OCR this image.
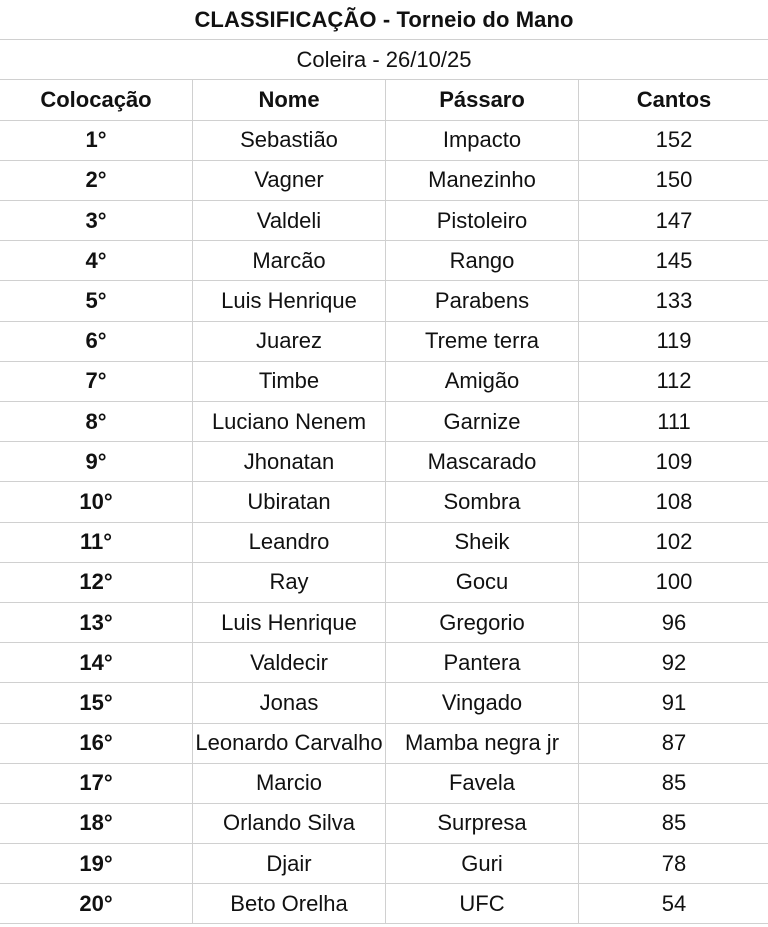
CLASSIFICAÇÃO - Torneio do Mano
Coleira - 26/10/25
Colocação	Nome	Pássaro	Cantos

1°	Sebastião	Impacto	152

2°	Vagner	Manezinho	150

3°	Valdeli	Pistoleiro	147

4°	Marcão	Rango	145

5°	Luis Henrique	Parabens	133

6°	Juarez	Treme terra	119

7°	Timbe	Amigão	112

8°	Luciano Nenem	Garnize	111

9°	Jhonatan	Mascarado	109

10°	Ubiratan	Sombra	108

11°	Leandro	Sheik	102

12°	Ray	Gocu	100

13°	Luis Henrique	Gregorio	96

14°	Valdecir	Pantera	92

15°	Jonas	Vingado	91

16°	Leonardo Carvalho	Mamba negra jr	87

17°	Marcio	Favela	85

18°	Orlando Silva	Surpresa	85

19°	Djair	Guri	78

20°	Beto Orelha	UFC	54
